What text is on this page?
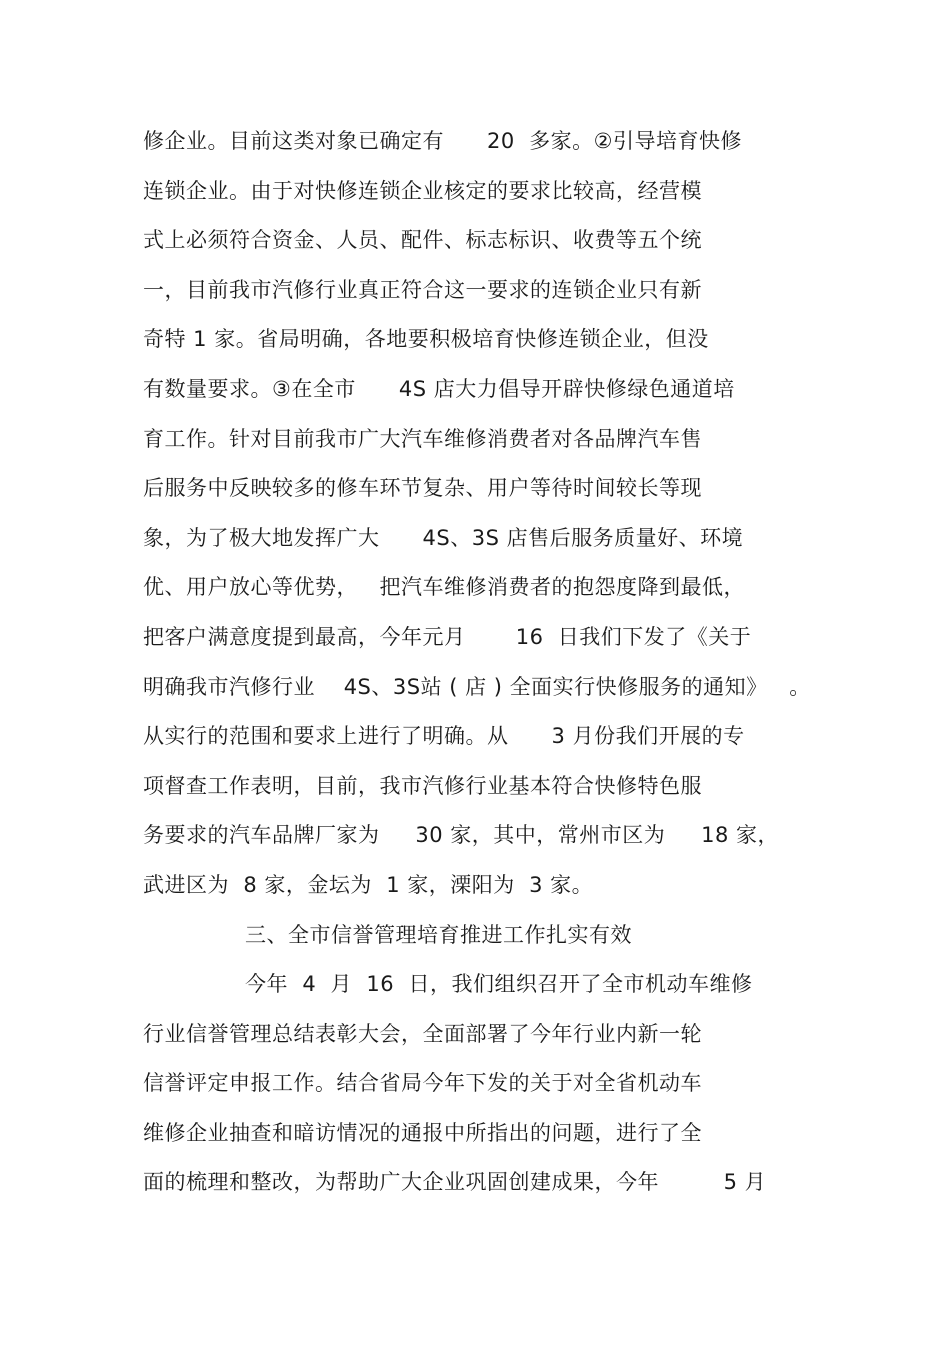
修企业。目前这类对象已确定有      20  多家。②引导培育快修
连锁企业。由于对快修连锁企业核定的要求比较高，经营模
式上必须符合资金、人员、配件、标志标识、收费等五个统
一，目前我市汽修行业真正符合这一要求的连锁企业只有新
奇特 1 家。省局明确，各地要积极培育快修连锁企业，但没
有数量要求。③在全市      4S 店大力倡导开辟快修绿色通道培
育工作。针对目前我市广大汽车维修消费者对各品牌汽车售
后服务中反映较多的修车环节复杂、用户等待时间较长等现
象，为了极大地发挥广大      4S、3S 店售后服务质量好、环境
优、用户放心等优势，   把汽车维修消费者的抱怨度降到最低，
把客户满意度提到最高，今年元月       16  日我们下发了《关于
明确我市汽修行业    4S、3S站 ( 店 ) 全面实行快修服务的通知》   。
从实行的范围和要求上进行了明确。从      3 月份我们开展的专
项督查工作表明，目前，我市汽修行业基本符合快修特色服
务要求的汽车品牌厂家为     30 家，其中，常州市区为     18 家，
武进区为  8 家，金坛为  1 家，溧阳为  3 家。
三、全市信誉管理培育推进工作扎实有效
今年  4  月  16  日，我们组织召开了全市机动车维修
行业信誉管理总结表彰大会，全面部署了今年行业内新一轮
信誉评定申报工作。结合省局今年下发的关于对全省机动车
维修企业抽查和暗访情况的通报中所指出的问题，进行了全
面的梳理和整改，为帮助广大企业巩固创建成果，今年         5 月
